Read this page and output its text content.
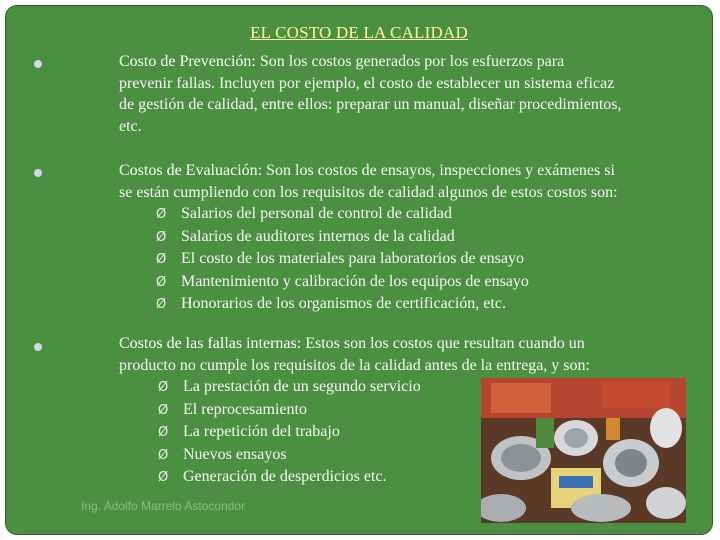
EL COSTO DE LA CALIDAD
Costo de Prevención: Son los costos generados por los esfuerzos para
prevenir fallas. Incluyen por ejemplo, el costo de establecer un sistema eficaz
de gestión de calidad, entre ellos: preparar un manual, diseñar procedimientos,
etc.
Costos de Evaluación: Son los costos de ensayos, inspecciones y exámenes si
se están cumpliendo con los requisitos de calidad algunos de estos costos son:
Ø Salarios del personal de control de calidad
Ø Salarios de auditores internos de la calidad
Ø El costo de los materiales para laboratorios de ensayo
Ø Mantenimiento y calibración de los equipos de ensayo
Ø Honorarios de los organismos de certificación, etc.
Costos de las fallas internas: Estos son los costos que resultan cuando un
producto no cumple los requisitos de la calidad antes de la entrega, y son:
Ø La prestación de un segundo servicio
Ø El reprocesamiento
Ø La repetición del trabajo
Ø Nuevos ensayos
Ø Generación de desperdicios etc.
Ing. Adolfo Marrelo Astocondor
